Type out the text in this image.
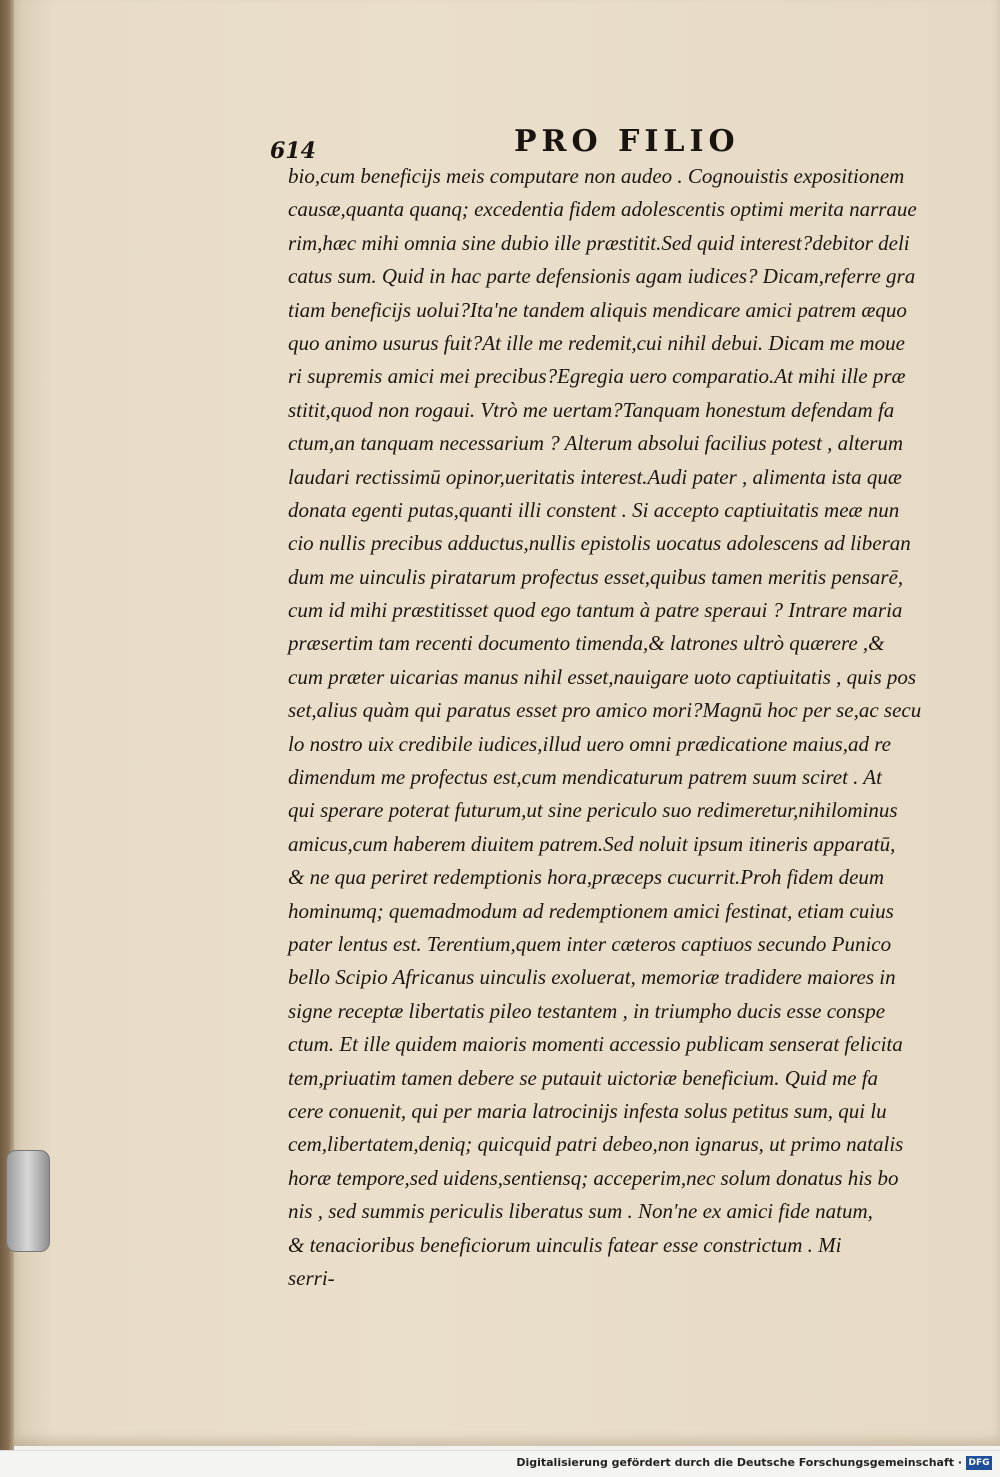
614	PRO FILIO
bio,cum beneficijs meis computare non audeo . Cognouistis expositionem
causæ,quanta quanq; excedentia fidem adolescentis optimi merita narraue
rim,hæc mihi omnia sine dubio ille præstitit.Sed quid interest?debitor deli
catus sum. Quid in hac parte defensionis agam iudices? Dicam,referre gra
tiam beneficijs uolui?Ita'ne tandem aliquis mendicare amici patrem æquo
quo animo usurus fuit?At ille me redemit,cui nihil debui. Dicam me moue
ri supremis amici mei precibus?Egregia uero comparatio.At mihi ille præ
stitit,quod non rogaui. Vtrò me uertam?Tanquam honestum defendam fa
ctum,an tanquam necessarium ? Alterum absolui facilius potest , alterum
laudari rectissimū opinor,ueritatis interest.Audi pater , alimenta ista quæ
donata egenti putas,quanti illi constent . Si accepto captiuitatis meæ nun
cio nullis precibus adductus,nullis epistolis uocatus adolescens ad liberan
dum me uinculis piratarum profectus esset,quibus tamen meritis pensarē,
cum id mihi præstitisset quod ego tantum à patre speraui ? Intrare maria
præsertim tam recenti documento timenda,& latrones ultrò quærere ,&
cum præter uicarias manus nihil esset,nauigare uoto captiuitatis , quis pos
set,alius quàm qui paratus esset pro amico mori?Magnū hoc per se,ac secu
lo nostro uix credibile iudices,illud uero omni prædicatione maius,ad re
dimendum me profectus est,cum mendicaturum patrem suum sciret . At
qui sperare poterat futurum,ut sine periculo suo redimeretur,nihilominus
amicus,cum haberem diuitem patrem.Sed noluit ipsum itineris apparatū,
& ne qua periret redemptionis hora,præceps cucurrit.Proh fidem deum
hominumq; quemadmodum ad redemptionem amici festinat, etiam cuius
pater lentus est. Terentium,quem inter cæteros captiuos secundo Punico
bello Scipio Africanus uinculis exoluerat, memoriæ tradidere maiores in
signe receptæ libertatis pileo testantem , in triumpho ducis esse conspe
ctum. Et ille quidem maioris momenti accessio publicam senserat felicita
tem,priuatim tamen debere se putauit uictoriæ beneficium. Quid me fa
cere conuenit, qui per maria latrocinijs infesta solus petitus sum, qui lu
cem,libertatem,deniq; quicquid patri debeo,non ignarus, ut primo natalis
horæ tempore,sed uidens,sentiensq; acceperim,nec solum donatus his bo
nis , sed summis periculis liberatus sum . Non'ne ex amici fide natum,
& tenacioribus beneficiorum uinculis fatear esse constrictum . Mi
serri-
Digitalisierung gefördert durch die Deutsche Forschungsgemeinschaft · DFG
